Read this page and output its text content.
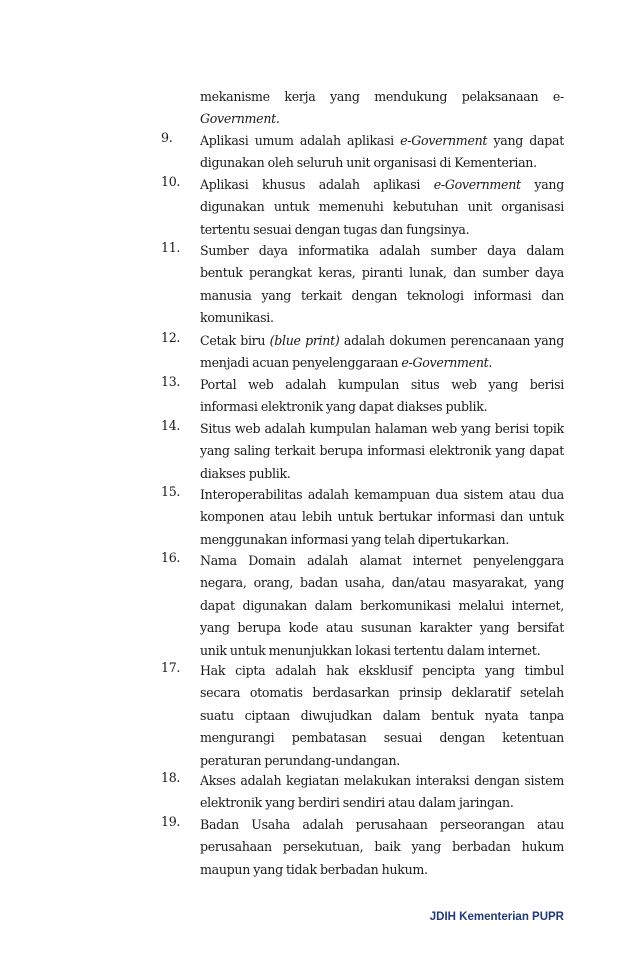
mekanisme kerja yang mendukung pelaksanaan e-
Government.
9.	Aplikasi umum adalah aplikasi e-Government yang dapat
digunakan oleh seluruh unit organisasi di Kementerian.
10.	Aplikasi khusus adalah aplikasi e-Government yang
digunakan untuk memenuhi kebutuhan unit organisasi
tertentu sesuai dengan tugas dan fungsinya.
11.	Sumber daya informatika adalah sumber daya dalam
bentuk perangkat keras, piranti lunak, dan sumber daya
manusia yang terkait dengan teknologi informasi dan
komunikasi.
12.	Cetak biru (blue print) adalah dokumen perencanaan yang
menjadi acuan penyelenggaraan e-Government.
13.	Portal web adalah kumpulan situs web yang berisi
informasi elektronik yang dapat diakses publik.
14.	Situs web adalah kumpulan halaman web yang berisi topik
yang saling terkait berupa informasi elektronik yang dapat
diakses publik.
15.	Interoperabilitas adalah kemampuan dua sistem atau dua
komponen atau lebih untuk bertukar informasi dan untuk
menggunakan informasi yang telah dipertukarkan.
16.	Nama Domain adalah alamat internet penyelenggara
negara, orang, badan usaha, dan/atau masyarakat, yang
dapat digunakan dalam berkomunikasi melalui internet,
yang berupa kode atau susunan karakter yang bersifat
unik untuk menunjukkan lokasi tertentu dalam internet.
17.	Hak cipta adalah hak eksklusif pencipta yang timbul
secara otomatis berdasarkan prinsip deklaratif setelah
suatu ciptaan diwujudkan dalam bentuk nyata tanpa
mengurangi pembatasan sesuai dengan ketentuan
peraturan perundang-undangan.
18.	Akses adalah kegiatan melakukan interaksi dengan sistem
elektronik yang berdiri sendiri atau dalam jaringan.
19.	Badan Usaha adalah perusahaan perseorangan atau
perusahaan persekutuan, baik yang berbadan hukum
maupun yang tidak berbadan hukum.
JDIH Kementerian PUPR
